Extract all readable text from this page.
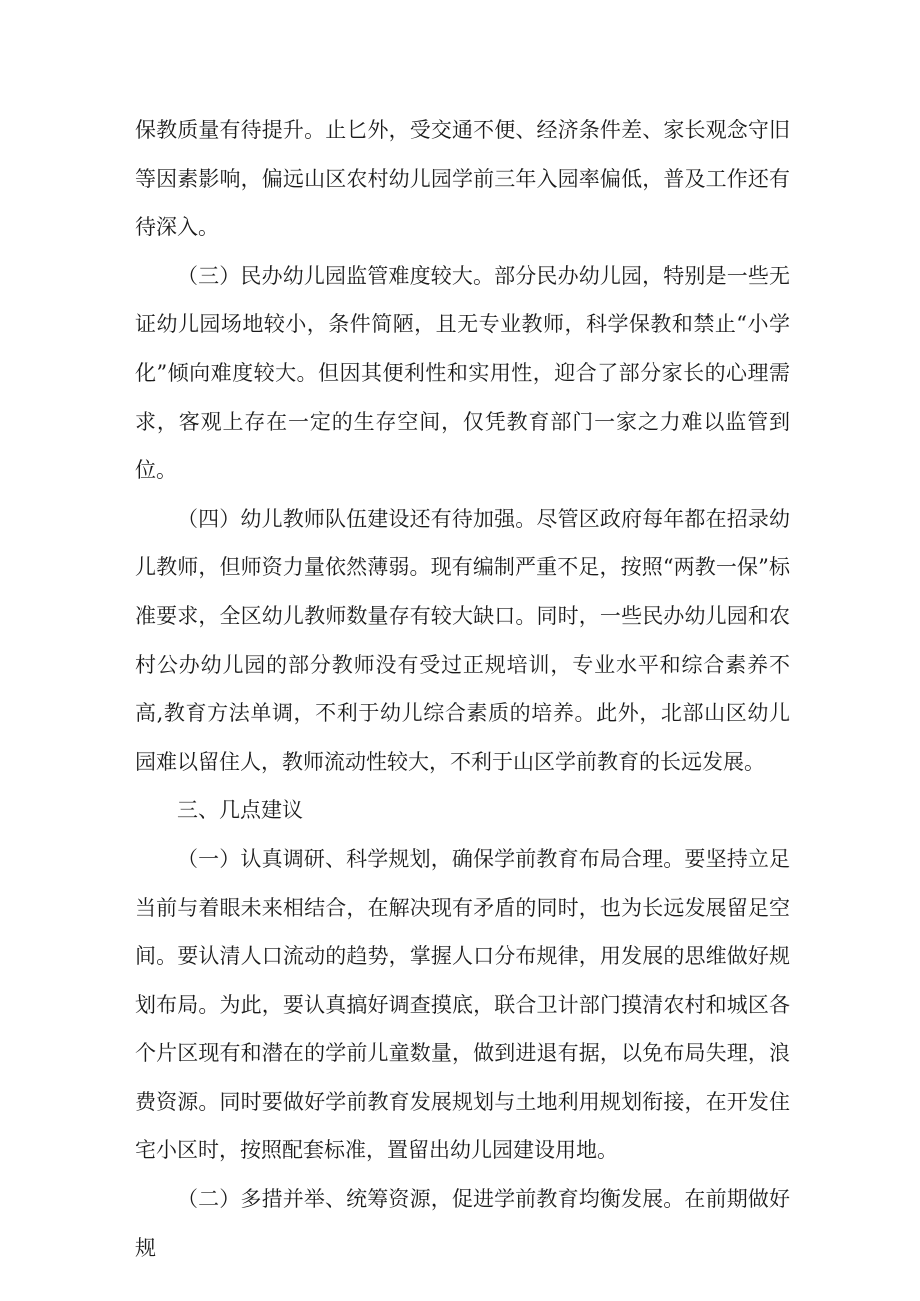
保教质量有待提升。止匕外，受交通不便、经济条件差、家长观念守旧等因素影响，偏远山区农村幼儿园学前三年入园率偏低，普及工作还有待深入。

（三）民办幼儿园监管难度较大。部分民办幼儿园，特别是一些无证幼儿园场地较小，条件简陋，且无专业教师，科学保教和禁止“小学化”倾向难度较大。但因其便利性和实用性，迎合了部分家长的心理需求，客观上存在一定的生存空间，仅凭教育部门一家之力难以监管到位。

（四）幼儿教师队伍建设还有待加强。尽管区政府每年都在招录幼儿教师，但师资力量依然薄弱。现有编制严重不足，按照“两教一保”标准要求，全区幼儿教师数量存有较大缺口。同时，一些民办幼儿园和农村公办幼儿园的部分教师没有受过正规培训，专业水平和综合素养不高,教育方法单调，不利于幼儿综合素质的培养。此外，北部山区幼儿园难以留住人，教师流动性较大，不利于山区学前教育的长远发展。

三、几点建议

（一）认真调研、科学规划，确保学前教育布局合理。要坚持立足当前与着眼未来相结合，在解决现有矛盾的同时，也为长远发展留足空间。要认清人口流动的趋势，掌握人口分布规律，用发展的思维做好规划布局。为此，要认真搞好调查摸底，联合卫计部门摸清农村和城区各个片区现有和潜在的学前儿童数量，做到进退有据，以免布局失理，浪费资源。同时要做好学前教育发展规划与土地利用规划衔接，在开发住宅小区时，按照配套标准，置留出幼儿园建设用地。

（二）多措并举、统筹资源，促进学前教育均衡发展。在前期做好规
